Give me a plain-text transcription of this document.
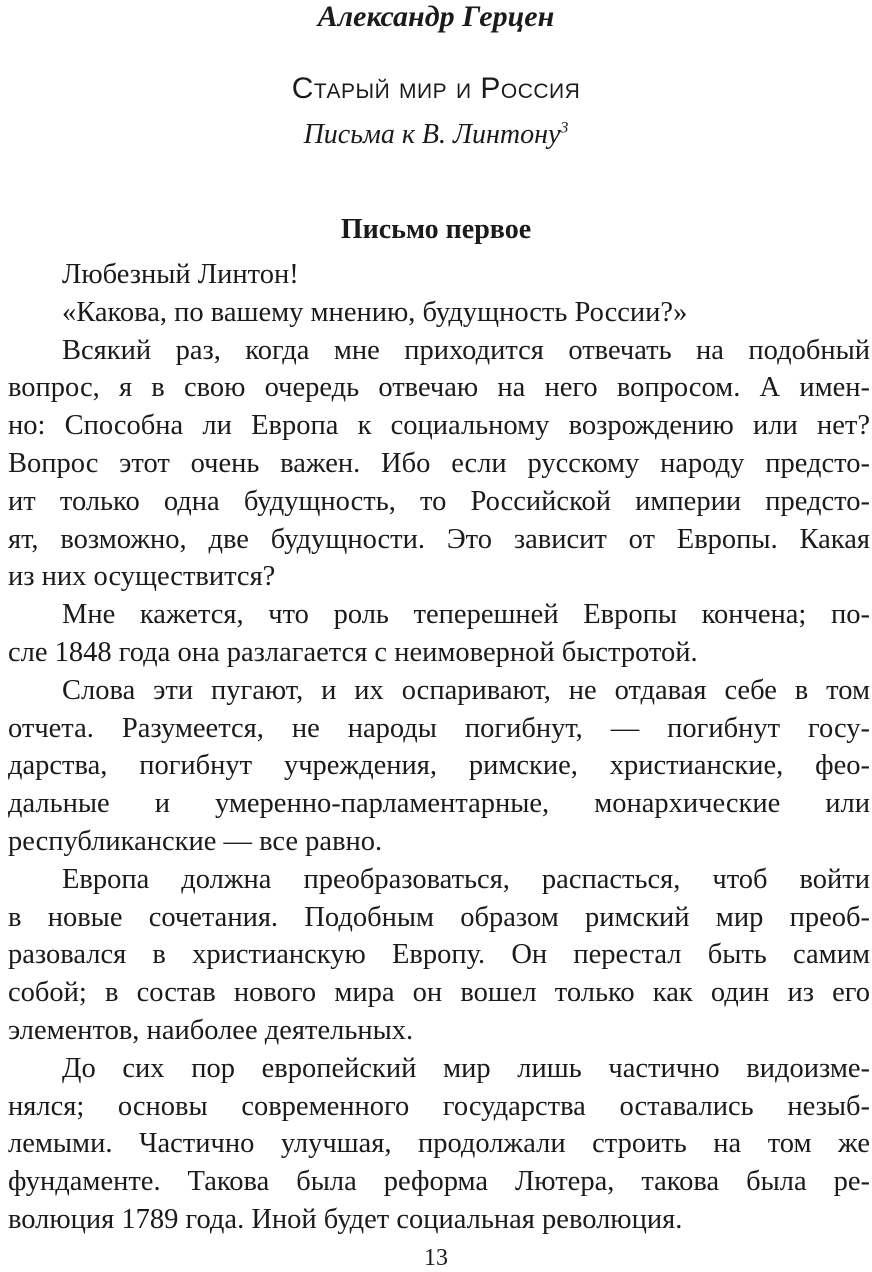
Александр Герцен
Старый мир и Россия
Письма к В. Линтону$^3$
Письмо первое
Любезный Линтон!
«Какова, по вашему мнению, будущность России?»
Всякий раз, когда мне приходится отвечать на подобный
вопрос, я в свою очередь отвечаю на него вопросом. А имен-
но: Способна ли Европа к социальному возрождению или нет?
Вопрос этот очень важен. Ибо если русскому народу предсто-
ит только одна будущность, то Российской империи предсто-
ят, возможно, две будущности. Это зависит от Европы. Какая
из них осуществится?
Мне кажется, что роль теперешней Европы кончена; по-
сле 1848 года она разлагается с неимоверной быстротой.
Слова эти пугают, и их оспаривают, не отдавая себе в том
отчета. Разумеется, не народы погибнут, — погибнут госу-
дарства, погибнут учреждения, римские, христианские, фео-
дальные и умеренно-парламентарные, монархические или
республиканские — все равно.
Европа должна преобразоваться, распасться, чтоб войти
в новые сочетания. Подобным образом римский мир преоб-
разовался в христианскую Европу. Он перестал быть самим
собой; в состав нового мира он вошел только как один из его
элементов, наиболее деятельных.
До сих пор европейский мир лишь частично видоизме-
нялся; основы современного государства оставались незыб-
лемыми. Частично улучшая, продолжали строить на том же
фундаменте. Такова была реформа Лютера, такова была ре-
волюция 1789 года. Иной будет социальная революция.
13
